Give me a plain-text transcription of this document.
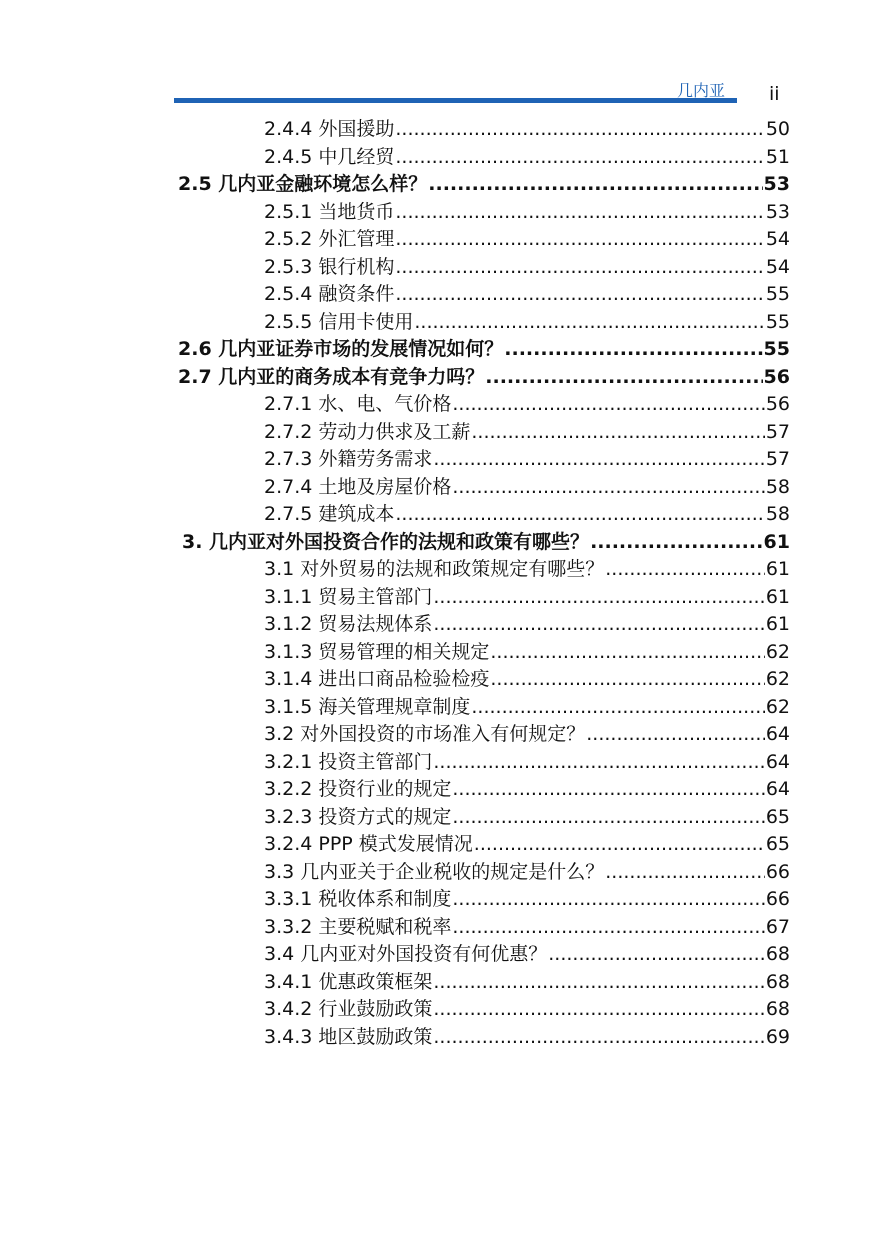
几内亚 ii
2.4.4 外国援助 .....	50
2.4.5 中几经贸 .....	51
2.5 几内亚金融环境怎么样？ .....	53
2.5.1 当地货币 .....	53
2.5.2 外汇管理 .....	54
2.5.3 银行机构 .....	54
2.5.4 融资条件 .....	55
2.5.5 信用卡使用 .....	55
2.6 几内亚证券市场的发展情况如何？ .....	55
2.7 几内亚的商务成本有竞争力吗？ .....	56
2.7.1 水、电、气价格 .....	56
2.7.2 劳动力供求及工薪 .....	57
2.7.3 外籍劳务需求 .....	57
2.7.4 土地及房屋价格 .....	58
2.7.5 建筑成本 .....	58
3. 几内亚对外国投资合作的法规和政策有哪些？ .....	61
3.1 对外贸易的法规和政策规定有哪些？ .....	61
3.1.1 贸易主管部门 .....	61
3.1.2 贸易法规体系 .....	61
3.1.3 贸易管理的相关规定 .....	62
3.1.4 进出口商品检验检疫 .....	62
3.1.5 海关管理规章制度 .....	62
3.2 对外国投资的市场准入有何规定？ .....	64
3.2.1 投资主管部门 .....	64
3.2.2 投资行业的规定 .....	64
3.2.3 投资方式的规定 .....	65
3.2.4 PPP 模式发展情况 .....	65
3.3 几内亚关于企业税收的规定是什么？ .....	66
3.3.1 税收体系和制度 .....	66
3.3.2 主要税赋和税率 .....	67
3.4 几内亚对外国投资有何优惠？ .....	68
3.4.1 优惠政策框架 .....	68
3.4.2 行业鼓励政策 .....	68
3.4.3 地区鼓励政策 .....	69
